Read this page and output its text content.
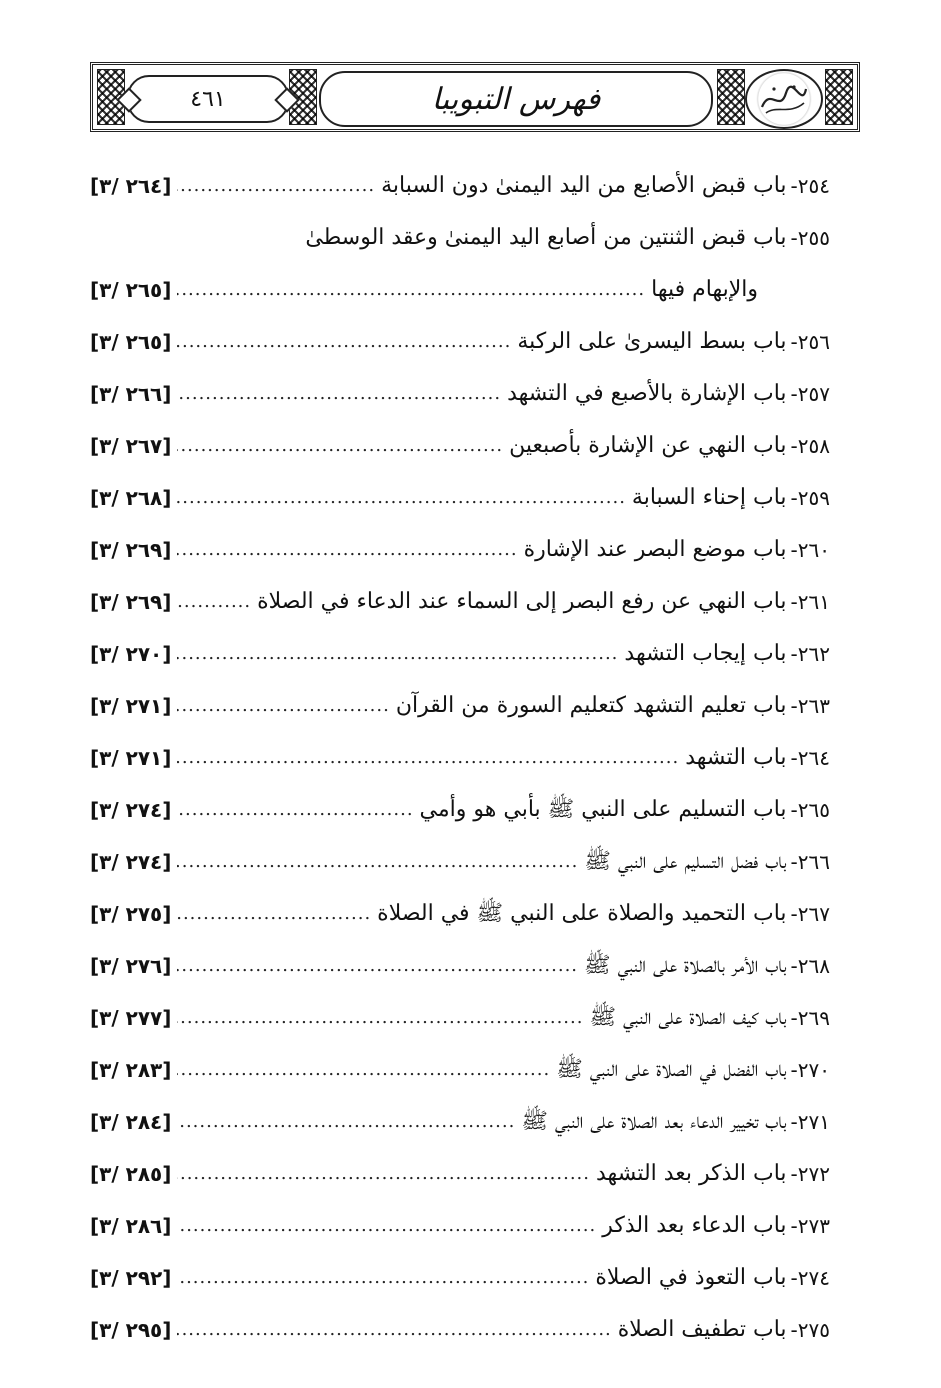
٤٦١	فهرس التبويبا
٢٥٤-
باب قبض الأصابع من اليد اليمنىٰ دون السبابة
.....
[٢٦٤ /٣]
٢٥٥-
باب قبض الثنتين من أصابع اليد اليمنىٰ وعقد الوسطىٰ
والإبهام فيها
.....
[٢٦٥ /٣]
٢٥٦-
باب بسط اليسرىٰ على الركبة
.....
[٢٦٥ /٣]
٢٥٧-
باب الإشارة بالأصبع في التشهد
.....
[٢٦٦ /٣]
٢٥٨-
باب النهي عن الإشارة بأصبعين
.....
[٢٦٧ /٣]
٢٥٩-
باب إحناء السبابة
.....
[٢٦٨ /٣]
٢٦٠-
باب موضع البصر عند الإشارة
.....
[٢٦٩ /٣]
٢٦١-
باب النهي عن رفع البصر إلى السماء عند الدعاء في الصلاة
.....
[٢٦٩ /٣]
٢٦٢-
باب إيجاب التشهد
.....
[٢٧٠ /٣]
٢٦٣-
باب تعليم التشهد كتعليم السورة من القرآن
.....
[٢٧١ /٣]
٢٦٤-
باب التشهد
.....
[٢٧١ /٣]
٢٦٥-
باب التسليم على النبي ﷺ بأبي هو وأمي
.....
[٢٧٤ /٣]
٢٦٦-
باب فضل التسليم على النبي ﷺ
.....
[٢٧٤ /٣]
٢٦٧-
باب التحميد والصلاة على النبي ﷺ في الصلاة
.....
[٢٧٥ /٣]
٢٦٨-
باب الأمر بالصلاة على النبي ﷺ
.....
[٢٧٦ /٣]
٢٦٩-
باب كيف الصلاة على النبي ﷺ
.....
[٢٧٧ /٣]
٢٧٠-
باب الفضل في الصلاة على النبي ﷺ
.....
[٢٨٣ /٣]
٢٧١-
باب تخيير الدعاء بعد الصلاة على النبي ﷺ
.....
[٢٨٤ /٣]
٢٧٢-
باب الذكر بعد التشهد
.....
[٢٨٥ /٣]
٢٧٣-
باب الدعاء بعد الذكر
.....
[٢٨٦ /٣]
٢٧٤-
باب التعوذ في الصلاة
.....
[٢٩٢ /٣]
٢٧٥-
باب تطفيف الصلاة
.....
[٢٩٥ /٣]
